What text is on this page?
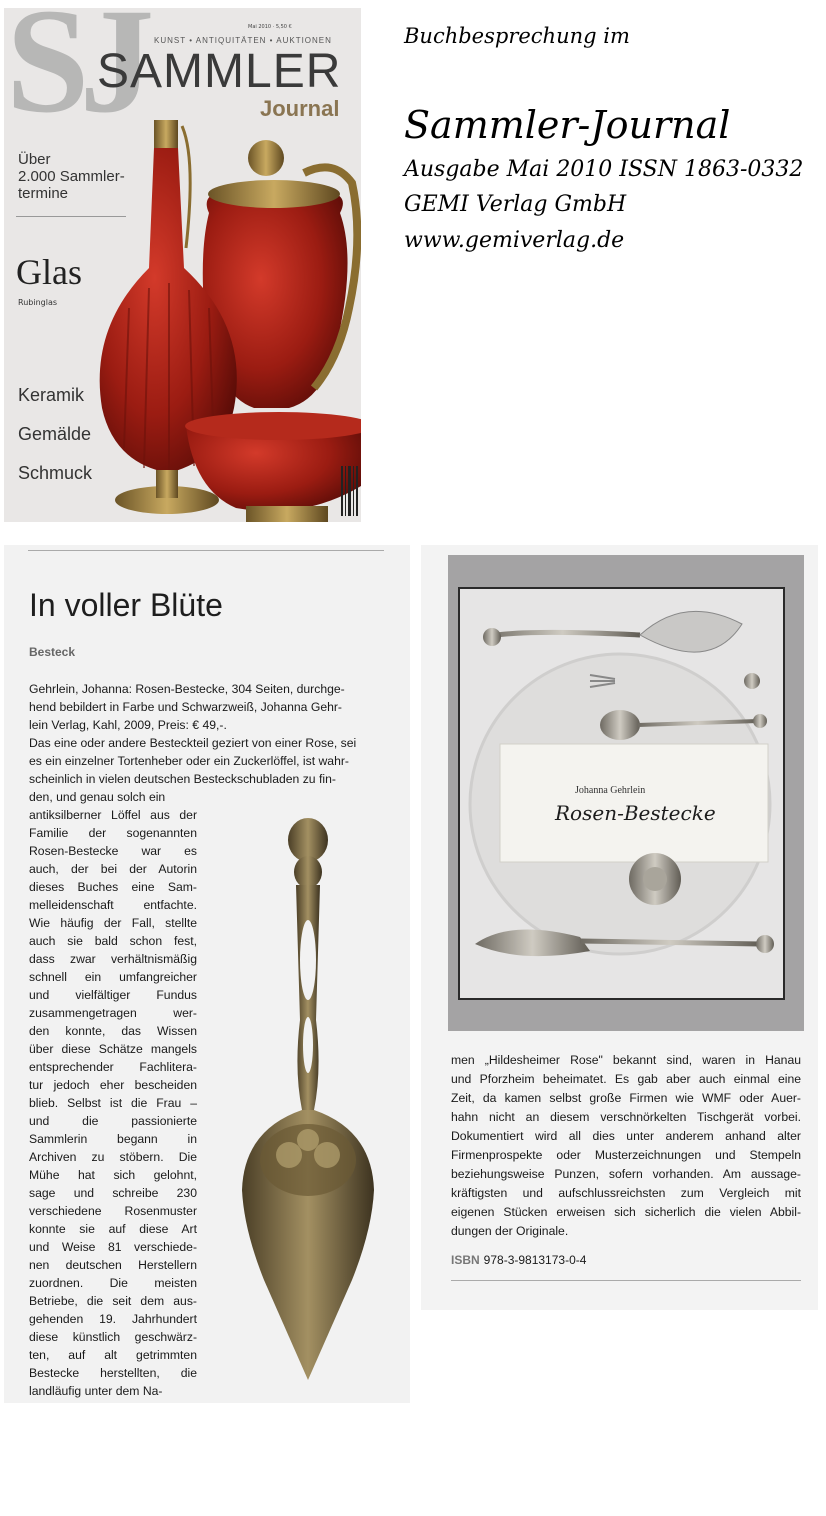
SJ	Mai 2010 · 5,50 €
KUNST • ANTIQUITÄTEN • AUKTIONEN
SAMMLER
Journal
Über
2.000 Sammler-
termine
Glas
Rubinglas
Keramik
Gemälde
Schmuck
Buchbesprechung im
Sammler-Journal
Ausgabe Mai 2010 ISSN 1863-0332
GEMI Verlag GmbH
www.gemiverlag.de
In voller Blüte
Besteck
Gehrlein, Johanna: Rosen-Bestecke, 304 Seiten, durchge-
hend bebildert in Farbe und Schwarzweiß, Johanna Gehr-
lein Verlag, Kahl, 2009, Preis: € 49,-.
Das eine oder andere Besteckteil geziert von einer Rose, sei
es ein einzelner Tortenheber oder ein Zuckerlöffel, ist wahr-
scheinlich in vielen deutschen Besteckschubladen zu fin-
den, und genau solch ein
antiksilberner Löffel aus der
Familie der sogenannten
Rosen-Bestecke war es
auch, der bei der Autorin
dieses Buches eine Sam-
melleidenschaft entfachte.
Wie häufig der Fall, stellte
auch sie bald schon fest,
dass zwar verhältnismäßig
schnell ein umfangreicher
und vielfältiger Fundus
zusammengetragen wer-
den konnte, das Wissen
über diese Schätze mangels
entsprechender Fachlitera-
tur jedoch eher bescheiden
blieb. Selbst ist die Frau –
und die passionierte
Sammlerin begann in
Archiven zu stöbern. Die
Mühe hat sich gelohnt,
sage und schreibe 230
verschiedene Rosenmuster
konnte sie auf diese Art
und Weise 81 verschiede-
nen deutschen Herstellern
zuordnen. Die meisten
Betriebe, die seit dem aus-
gehenden 19. Jahrhundert
diese künstlich geschwärz-
ten, auf alt getrimmten
Bestecke herstellten, die
landläufig unter dem Na-
Johanna Gehrlein
Rosen-Bestecke
men „Hildesheimer Rose" bekannt sind, waren in Hanau
und Pforzheim beheimatet. Es gab aber auch einmal eine
Zeit, da kamen selbst große Firmen wie WMF oder Auer-
hahn nicht an diesem verschnörkelten Tischgerät vorbei.
Dokumentiert wird all dies unter anderem anhand alter
Firmenprospekte oder Musterzeichnungen und Stempeln
beziehungsweise Punzen, sofern vorhanden. Am aussage-
kräftigsten und aufschlussreichsten zum Vergleich mit
eigenen Stücken erweisen sich sicherlich die vielen Abbil-
dungen der Originale.
ISBN 978-3-9813173-0-4
